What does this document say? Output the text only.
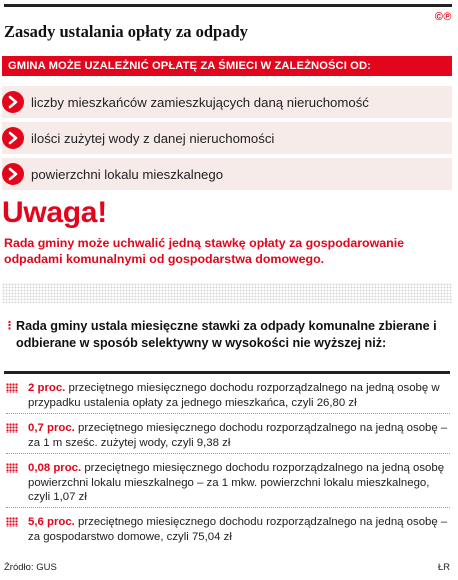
©℗
Zasady ustalania opłaty za odpady
GMINA MOŻE UZALEŻNIĆ OPŁATĘ ZA ŚMIECI W ZALEŻNOŚCI OD:
liczby mieszkańców zamieszkujących daną nieruchomość
ilości zużytej wody z danej nieruchomości
powierzchni lokalu mieszkalnego
Uwaga!
Rada gminy może uchwalić jedną stawkę opłaty za gospodarowanie odpadami komunalnymi od gospodarstwa domowego.
⋮ Rada gminy ustala miesięczne stawki za odpady komunalne zbierane i odbierane w sposób selektywny w wysokości nie wyższej niż:
2 proc. przeciętnego miesięcznego dochodu rozporządzalnego na jedną osobę w przypadku ustalenia opłaty za jednego mieszkańca, czyli 26,80 zł
0,7 proc. przeciętnego miesięcznego dochodu rozporządzalnego na jedną osobę – za 1 m sześc. zużytej wody, czyli 9,38 zł
0,08 proc. przeciętnego miesięcznego dochodu rozporządzalnego na jedną osobę powierzchni lokalu mieszkalnego – za 1 mkw. powierzchni lokalu mieszkalnego, czyli 1,07 zł
5,6 proc. przeciętnego miesięcznego dochodu rozporządzalnego na jedną osobę – za gospodarstwo domowe, czyli 75,04 zł
Źródło: GUS	ŁR
